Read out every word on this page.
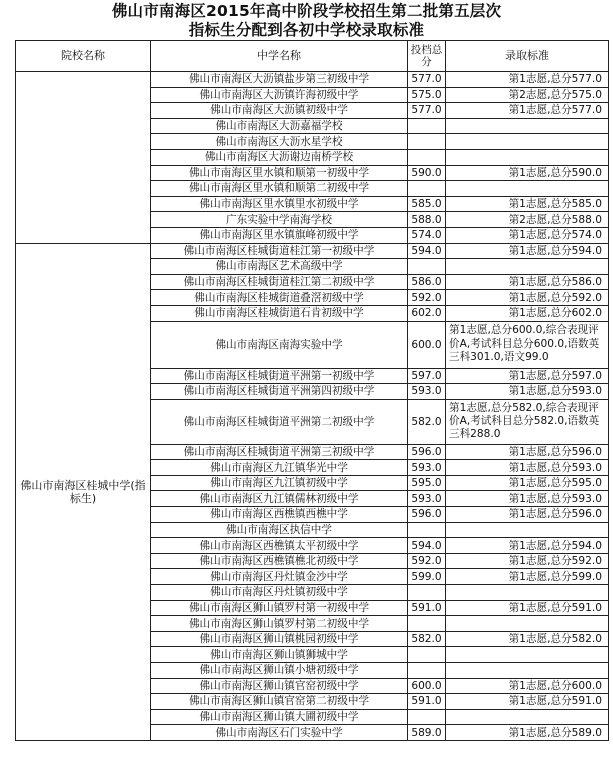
佛山市南海区2015年高中阶段学校招生第二批第五层次
指标生分配到各初中学校录取标准
院校名称	中学名称	投档总分	录取标准
	佛山市南海区大沥镇盐步第三初级中学	577.0	第1志愿,总分577.0
	佛山市南海区大沥镇许海初级中学	575.0	第2志愿,总分575.0
	佛山市南海区大沥镇初级中学	577.0	第1志愿,总分577.0
	佛山市南海区大沥嘉福学校		
	佛山市南海区大沥水星学校		
	佛山市南海区大沥谢边南桥学校		
	佛山市南海区里水镇和顺第一初级中学	590.0	第1志愿,总分590.0
	佛山市南海区里水镇和顺第二初级中学		
	佛山市南海区里水镇里水初级中学	585.0	第1志愿,总分585.0
	广东实验中学南海学校	588.0	第2志愿,总分588.0
	佛山市南海区里水镇旗峰初级中学	574.0	第1志愿,总分574.0
佛山市南海区桂城中学(指标生)	佛山市南海区桂城街道桂江第一初级中学	594.0	第1志愿,总分594.0
	佛山市南海区艺术高级中学		
	佛山市南海区桂城街道桂江第二初级中学	586.0	第1志愿,总分586.0
	佛山市南海区桂城街道叠滘初级中学	592.0	第1志愿,总分592.0
	佛山市南海区桂城街道石肯初级中学	602.0	第1志愿,总分602.0
	佛山市南海区南海实验中学	600.0	第1志愿,总分600.0,综合表现评价A,考试科目总分600.0,语数英三科301.0,语文99.0
	佛山市南海区桂城街道平洲第一初级中学	597.0	第1志愿,总分597.0
	佛山市南海区桂城街道平洲第四初级中学	593.0	第1志愿,总分593.0
	佛山市南海区桂城街道平洲第二初级中学	582.0	第1志愿,总分582.0,综合表现评价A,考试科目总分582.0,语数英三科288.0
	佛山市南海区桂城街道平洲第三初级中学	596.0	第1志愿,总分596.0
	佛山市南海区九江镇华光中学	593.0	第1志愿,总分593.0
	佛山市南海区九江镇初级中学	595.0	第1志愿,总分595.0
	佛山市南海区九江镇儒林初级中学	593.0	第1志愿,总分593.0
	佛山市南海区西樵镇西樵中学	596.0	第1志愿,总分596.0
	佛山市南海区执信中学		
	佛山市南海区西樵镇太平初级中学	594.0	第1志愿,总分594.0
	佛山市南海区西樵镇樵北初级中学	592.0	第1志愿,总分592.0
	佛山市南海区丹灶镇金沙中学	599.0	第1志愿,总分599.0
	佛山市南海区丹灶镇初级中学		
	佛山市南海区狮山镇罗村第一初级中学	591.0	第1志愿,总分591.0
	佛山市南海区狮山镇罗村第二初级中学		
	佛山市南海区狮山镇桃园初级中学	582.0	第1志愿,总分582.0
	佛山市南海区狮山镇狮城中学		
	佛山市南海区狮山镇小塘初级中学		
	佛山市南海区狮山镇官窑初级中学	600.0	第1志愿,总分600.0
	佛山市南海区狮山镇官窑第二初级中学	591.0	第1志愿,总分591.0
	佛山市南海区狮山镇大圃初级中学		
	佛山市南海区石门实验中学	589.0	第1志愿,总分589.0
